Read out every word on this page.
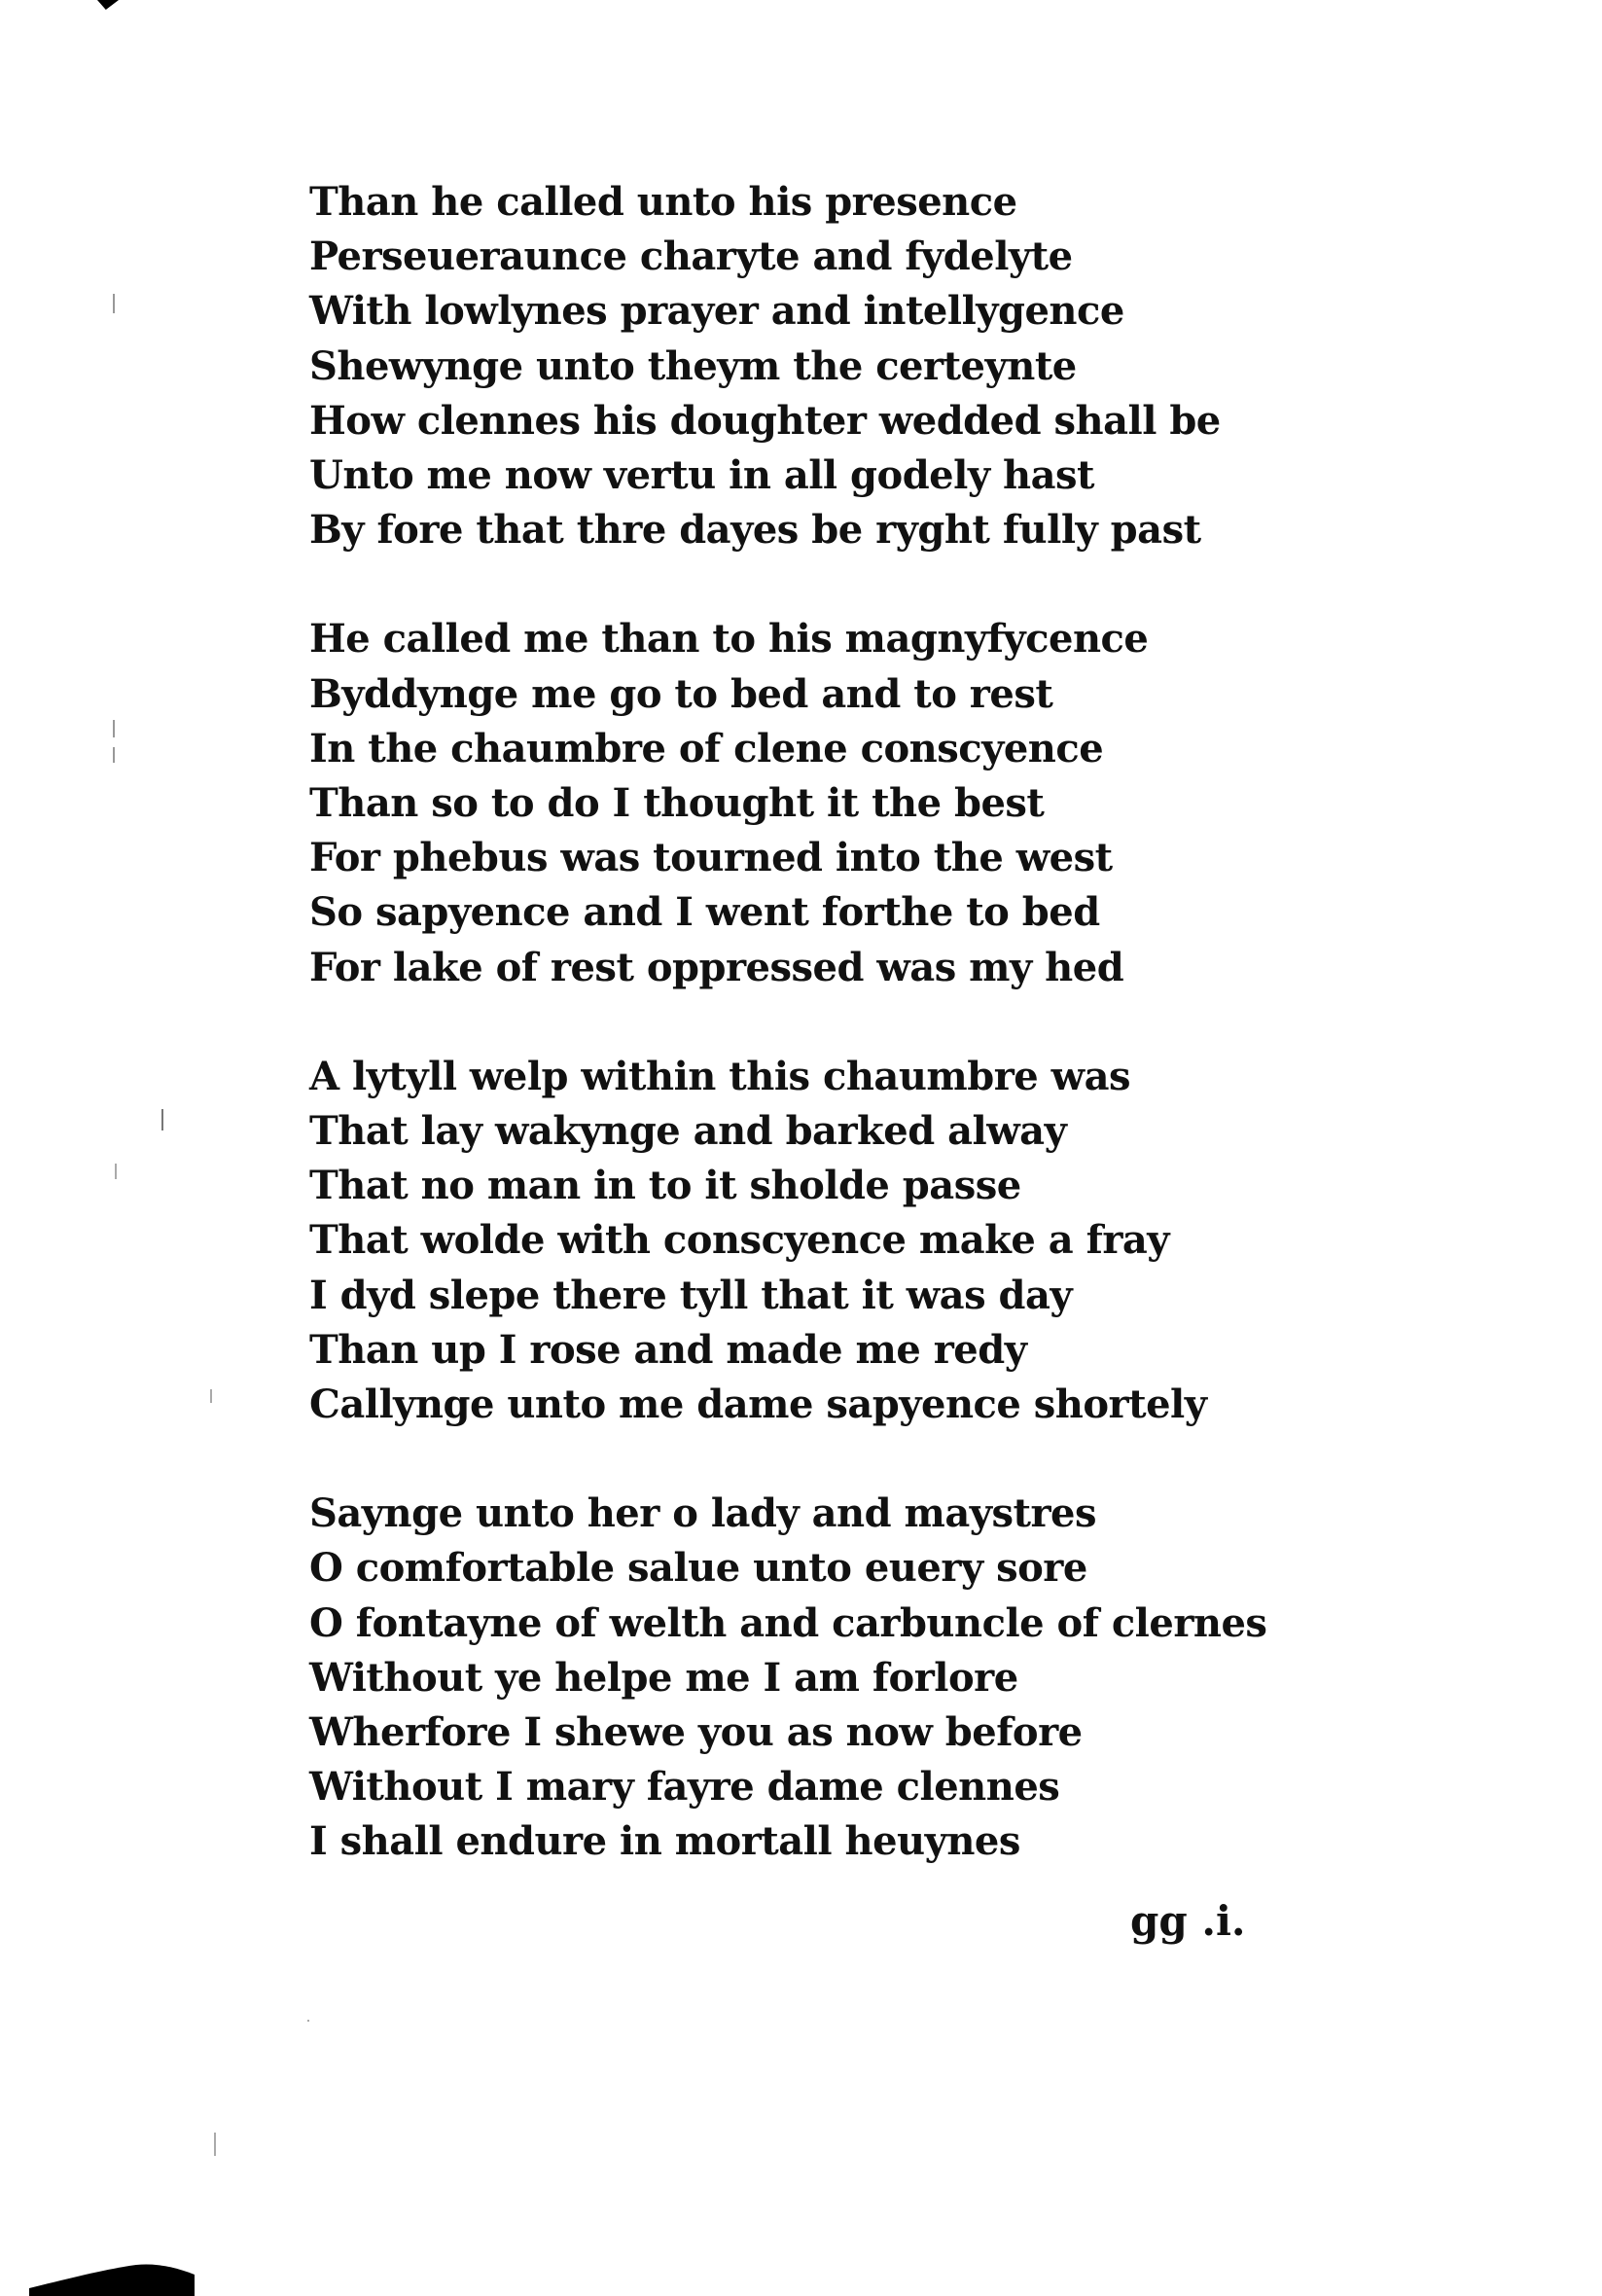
Than he called unto his presence
Perseueraunce charyte and fydelyte
With lowlynes prayer and intellygence
Shewynge unto theym the certeynte
How clennes his doughter wedded shall be
Unto me now vertu in all godely hast
By fore that thre dayes be ryght fully past
He called me than to his magnyfycence
Byddynge me go to bed and to rest
In the chaumbre of clene conscyence
Than so to do I thought it the best
For phebus was tourned into the west
So sapyence and I went forthe to bed
For lake of rest oppressed was my hed
A lytyll welp within this chaumbre was
That lay wakynge and barked alway
That no man in to it sholde passe
That wolde with conscyence make a fray
I dyd slepe there tyll that it was day
Than up I rose and made me redy
Callynge unto me dame sapyence shortely
Saynge unto her o lady and maystres
O comfortable salue unto euery sore
O fontayne of welth and carbuncle of clernes
Without ye helpe me I am forlore
Wherfore I shewe you as now before
Without I mary fayre dame clennes
I shall endure in mortall heuynes
gg .i.
